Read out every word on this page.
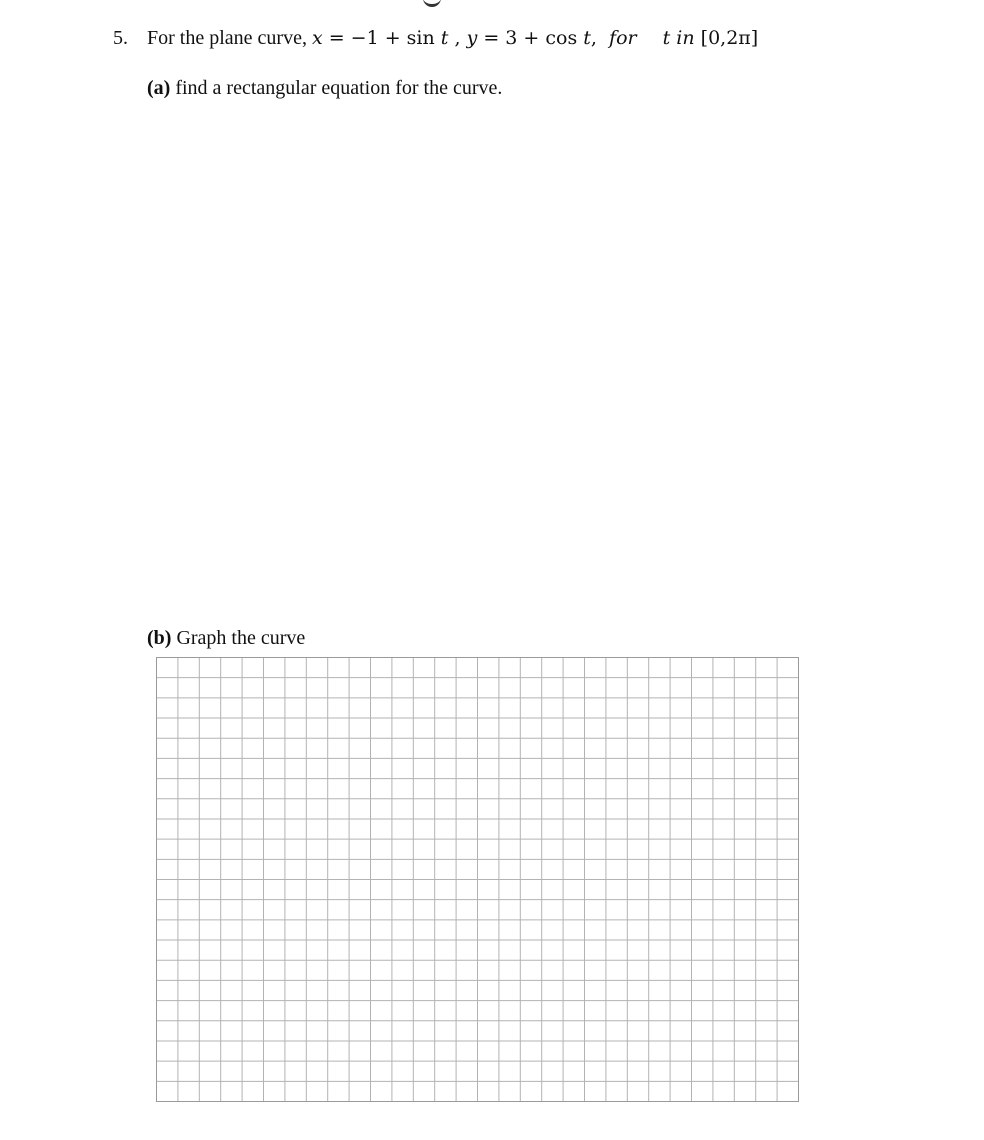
5. For the plane curve, x = −1 + sin t , y = 3 + cos t, for t in [0,2π]
(a) find a rectangular equation for the curve.
(b) Graph the curve
